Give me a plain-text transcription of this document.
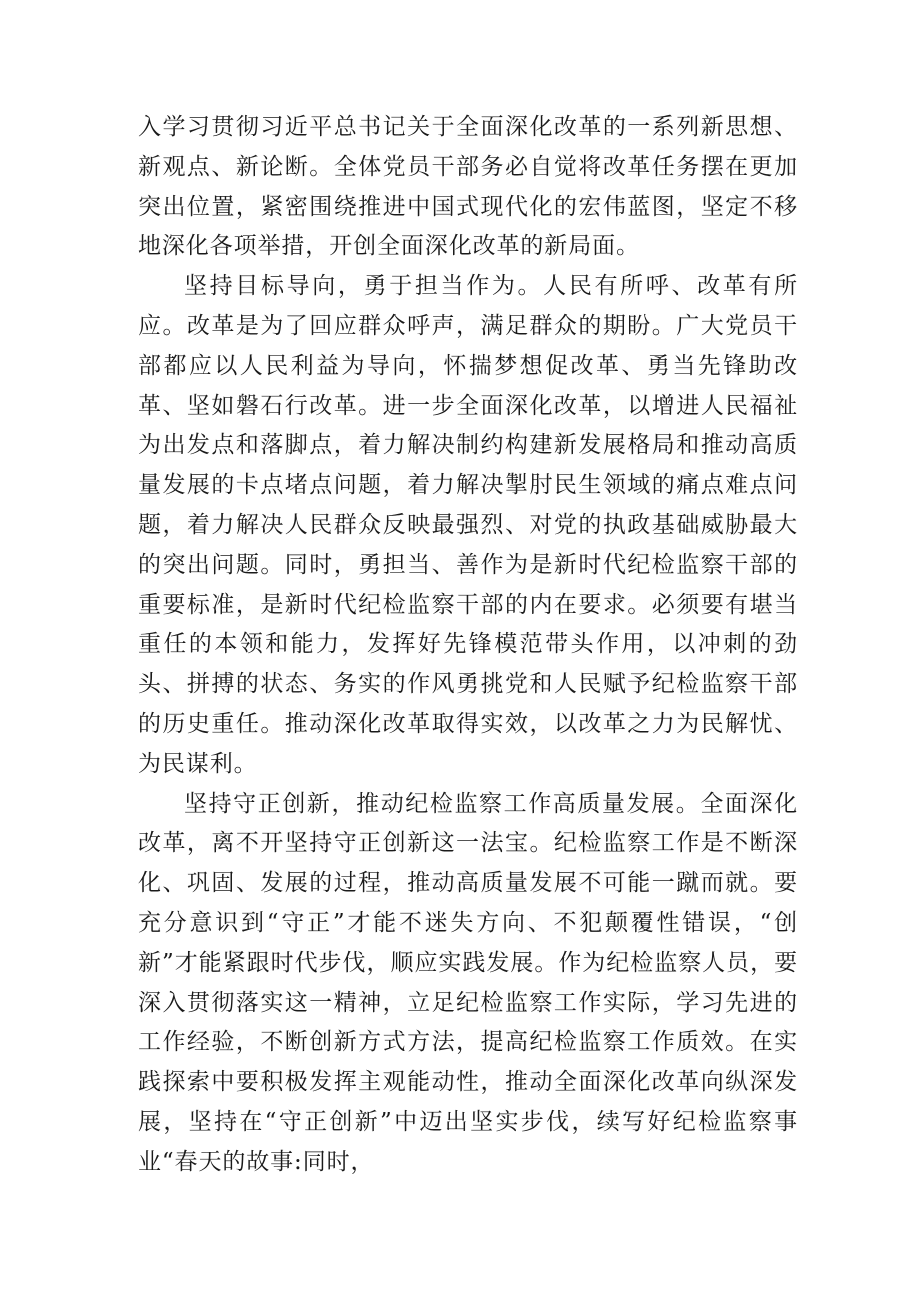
入学习贯彻习近平总书记关于全面深化改革的一系列新思想、新观点、新论断。全体党员干部务必自觉将改革任务摆在更加突出位置，紧密围绕推进中国式现代化的宏伟蓝图，坚定不移地深化各项举措，开创全面深化改革的新局面。

坚持目标导向，勇于担当作为。人民有所呼、改革有所应。改革是为了回应群众呼声，满足群众的期盼。广大党员干部都应以人民利益为导向，怀揣梦想促改革、勇当先锋助改革、坚如磐石行改革。进一步全面深化改革，以增进人民福祉为出发点和落脚点，着力解决制约构建新发展格局和推动高质量发展的卡点堵点问题，着力解决掣肘民生领域的痛点难点问题，着力解决人民群众反映最强烈、对党的执政基础威胁最大的突出问题。同时，勇担当、善作为是新时代纪检监察干部的重要标准，是新时代纪检监察干部的内在要求。必须要有堪当重任的本领和能力，发挥好先锋模范带头作用，以冲刺的劲头、拼搏的状态、务实的作风勇挑党和人民赋予纪检监察干部的历史重任。推动深化改革取得实效，以改革之力为民解忧、为民谋利。

坚持守正创新，推动纪检监察工作高质量发展。全面深化改革，离不开坚持守正创新这一法宝。纪检监察工作是不断深化、巩固、发展的过程，推动高质量发展不可能一蹴而就。要充分意识到“守正”才能不迷失方向、不犯颠覆性错误，“创新”才能紧跟时代步伐，顺应实践发展。作为纪检监察人员，要深入贯彻落实这一精神，立足纪检监察工作实际，学习先进的工作经验，不断创新方式方法，提高纪检监察工作质效。在实践探索中要积极发挥主观能动性，推动全面深化改革向纵深发展，坚持在“守正创新”中迈出坚实步伐，续写好纪检监察事业“春天的故事:同时，
